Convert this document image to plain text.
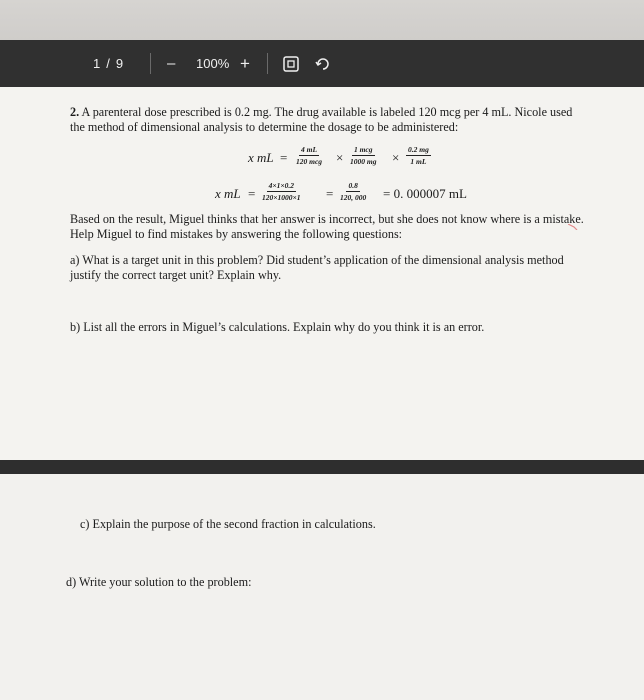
1 / 9	– 100% +
2. A parenteral dose prescribed is 0.2 mg. The drug available is labeled 120 mcg per 4 mL. Nicole used
the method of dimensional analysis to determine the dosage to be administered:
x mL =
4 mL
120 mcg ×
1 mcg
1000 mg × $\frac{0.2 mg}{1 mL}$
x mL = $\frac{4\times 1\times 0.2}{120\times 1000\times 1} = \frac{0.8}{120, 000} = 0$. 000007 mL
Based on the result, Miguel thinks that her answer is incorrect, but she does not know where is a mistake.
Help Miguel to find mistakes by answering the following questions:
a) What is a target unit in this problem? Did student’s application of the dimensional analysis method
justify the correct target unit? Explain why.
b) List all the errors in Miguel’s calculations. Explain why do you think it is an error.
c) Explain the purpose of the second fraction in calculations.
d) Write your solution to the problem:
